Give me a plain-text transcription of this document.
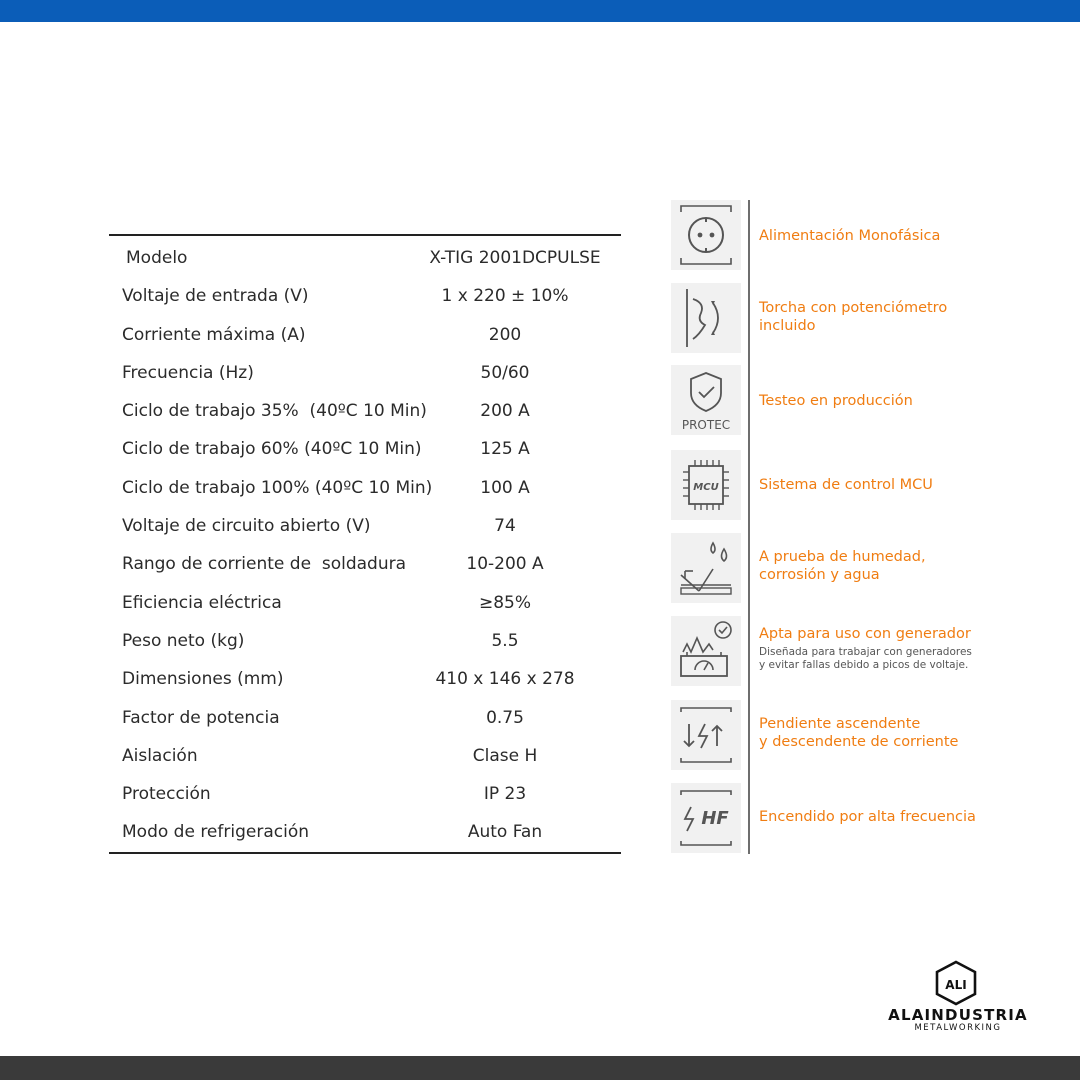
Modelo	X-TIG 2001DCPULSE
Voltaje de entrada (V)	1 x 220 ± 10%
Corriente máxima (A)	200
Frecuencia (Hz)	50/60
Ciclo de trabajo 35%  (40ºC 10 Min)	200 A
Ciclo de trabajo 60% (40ºC 10 Min)	125 A
Ciclo de trabajo 100% (40ºC 10 Min)	100 A
Voltaje de circuito abierto (V)	74
Rango de corriente de  soldadura	10-200 A
Eficiencia eléctrica	≥85%
Peso neto (kg)	5.5
Dimensiones (mm)	410 x 146 x 278
Factor de potencia	0.75
Aislación	Clase H
Protección	IP 23
Modo de refrigeración	Auto Fan
Alimentación Monofásica
Torcha con potenciómetro
incluido
PROTEC
Testeo en producción
MCU	Sistema de control MCU
A prueba de humedad,
corrosión y agua
Apta para uso con generador
Diseñada para trabajar con generadores
y evitar fallas debido a picos de voltaje.
Pendiente ascendente
y descendente de corriente
HF Encendido por alta frecuencia
ALI
ALAINDUSTRIA
METALWORKING
